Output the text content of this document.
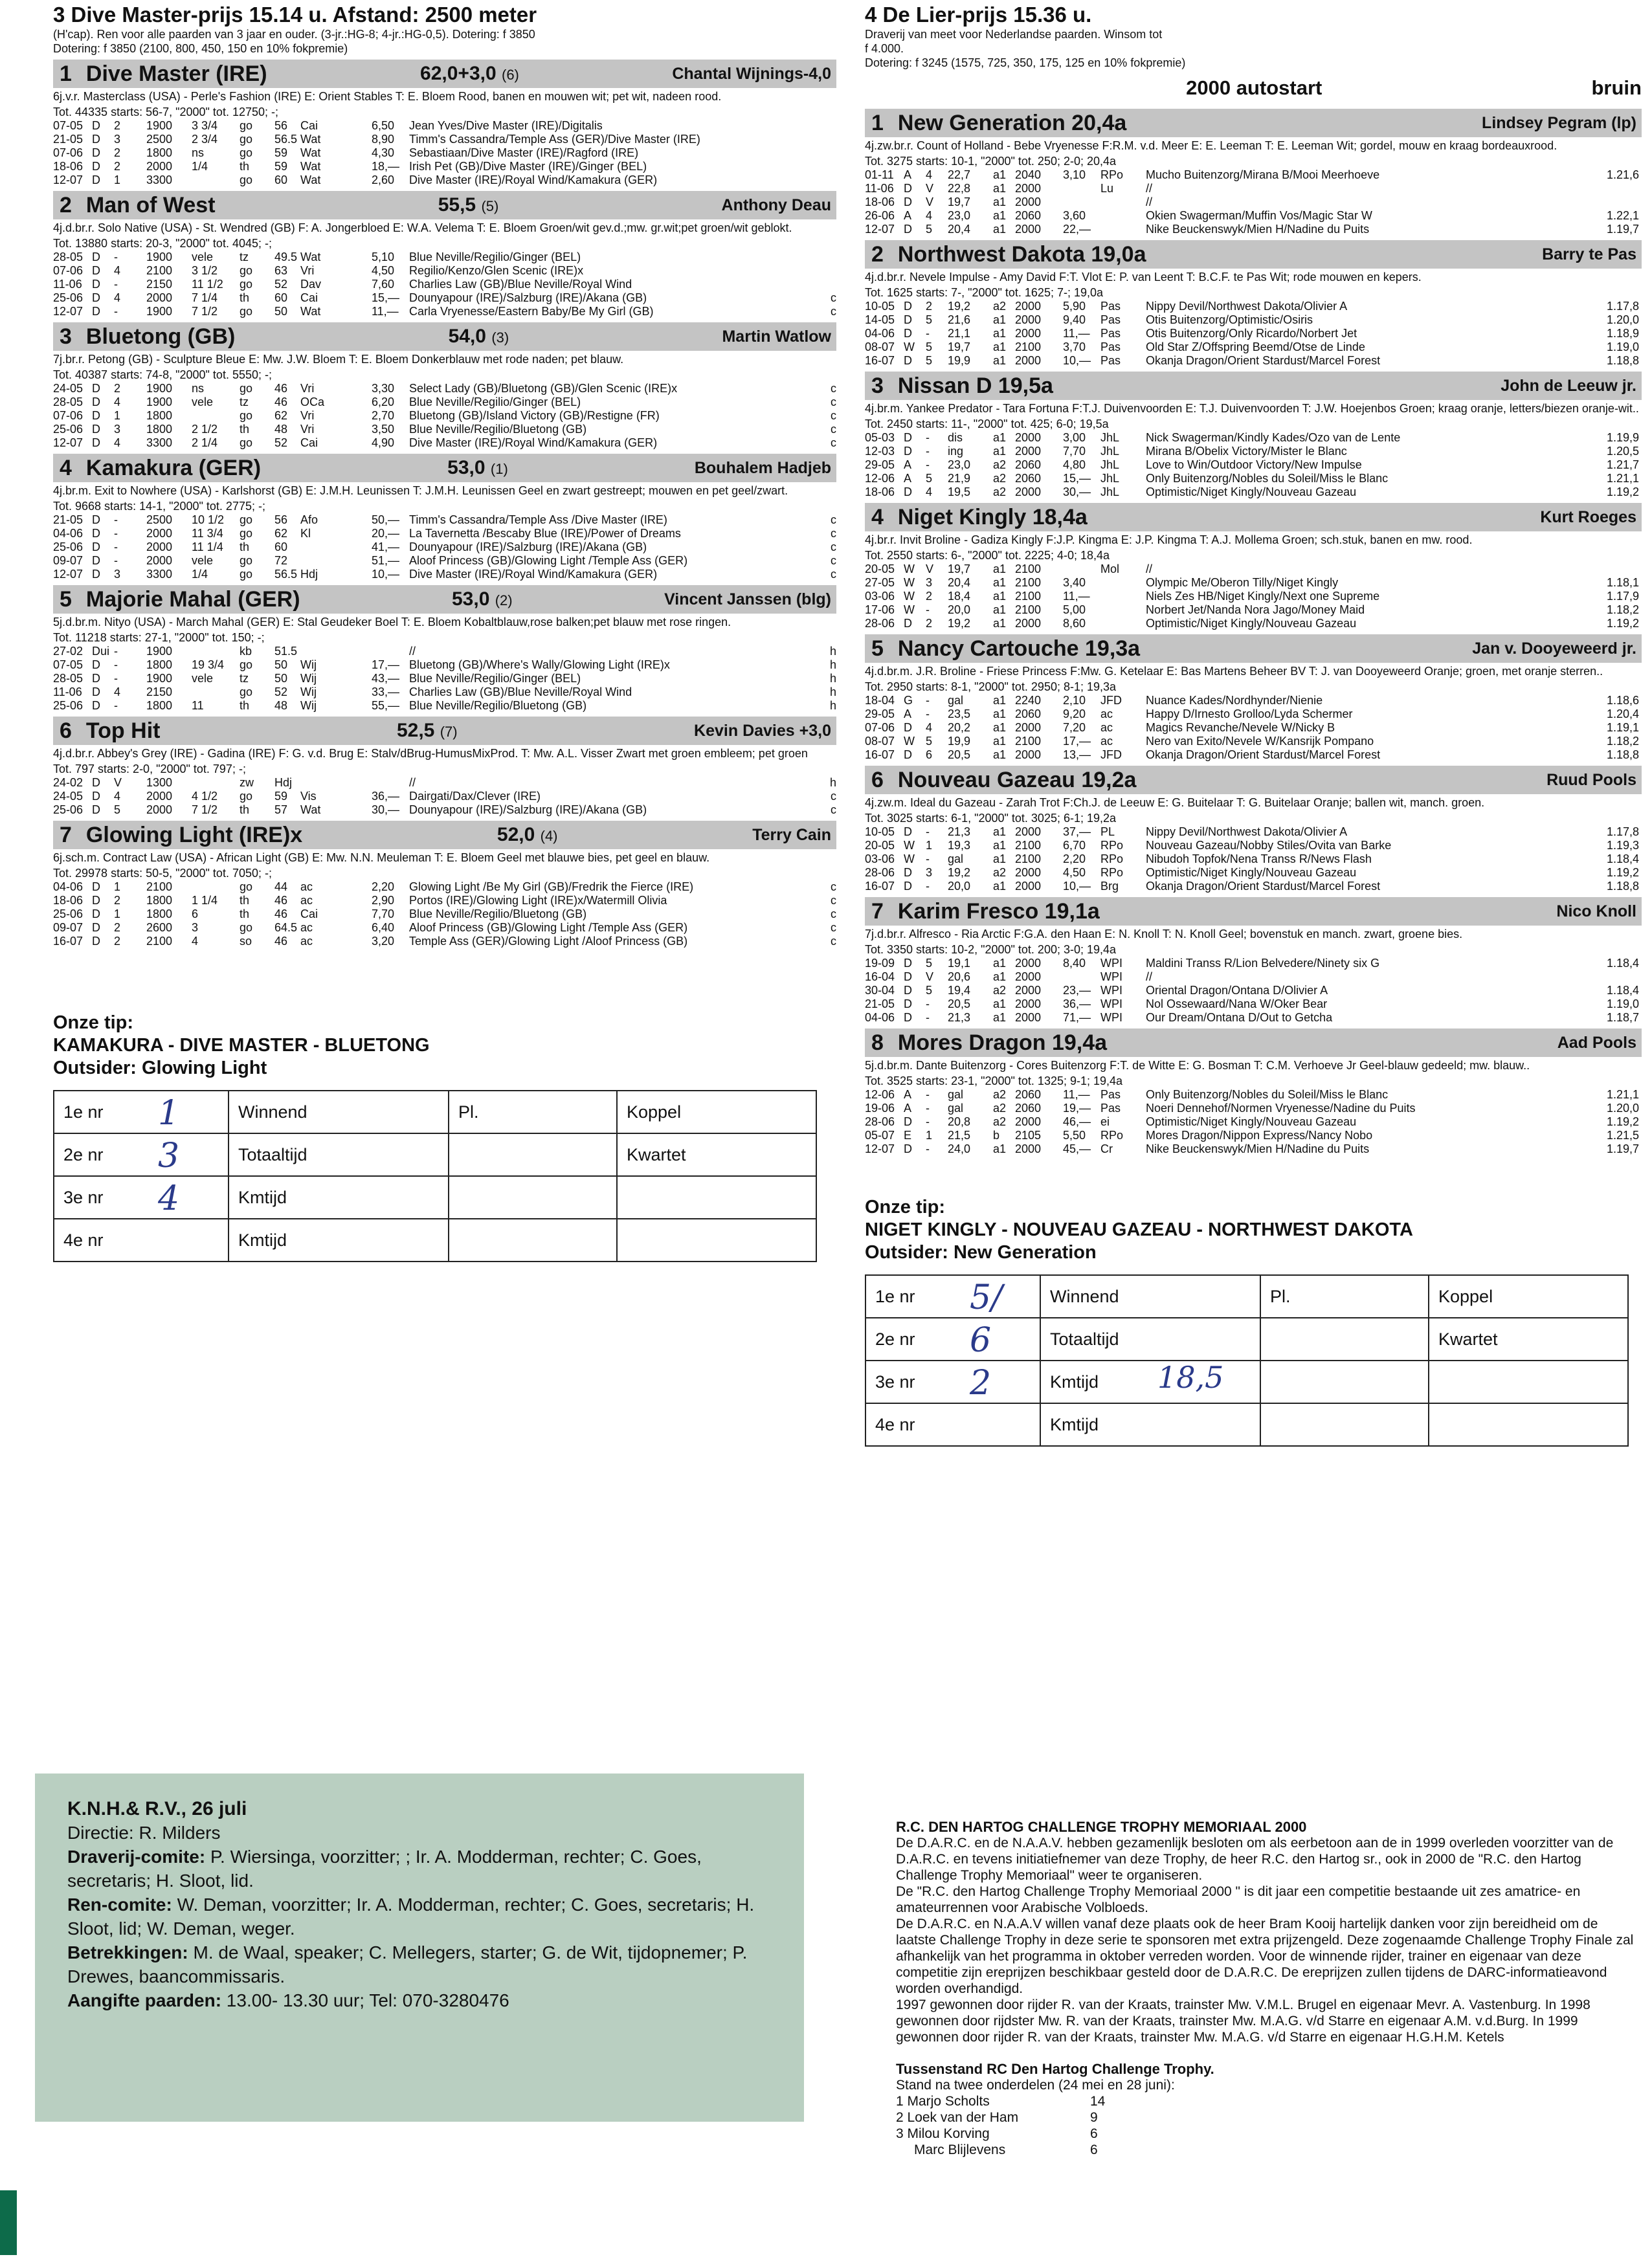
3 Dive Master-prijs 15.14 u. Afstand: 2500 meter
(H'cap). Ren voor alle paarden van 3 jaar en ouder. (3-jr.:HG-8; 4-jr.:HG-0,5). Dotering: f 3850
Dotering: f 3850 (2100, 800, 450, 150 en 10% fokpremie)
1 Dive Master (IRE)	62,0+3,0 (6)	Chantal Wijnings-4,0
6j.v.r. Masterclass (USA) - Perle's Fashion (IRE) E: Orient Stables T: E. Bloem Rood, banen en mouwen wit; pet wit, nadeen rood.
Tot. 44335 starts: 56-7, "2000" tot. 12750; -;
07-05	D	2	1900	3 3/4	go	56	Cai	6,50	Jean Yves/Dive Master (IRE)/Digitalis	
21-05	D	3	2500	2 3/4	go	56.5	Wat	8,90	Timm's Cassandra/Temple Ass (GER)/Dive Master (IRE)	
07-06	D	2	1800	ns	go	59	Wat	4,30	Sebastiaan/Dive Master (IRE)/Ragford (IRE)	
18-06	D	2	2000	1/4	th	59	Wat	18,—	Irish Pet (GB)/Dive Master (IRE)/Ginger (BEL)	
12-07	D	1	3300		go	60	Wat	2,60	Dive Master (IRE)/Royal Wind/Kamakura (GER)	
2 Man of West	55,5 (5)	Anthony Deau
4j.d.br.r. Solo Native (USA) - St. Wendred (GB) F: A. Jongerbloed E: W.A. Velema T: E. Bloem Groen/wit gev.d.;mw. gr.wit;pet groen/wit geblokt.
Tot. 13880 starts: 20-3, "2000" tot. 4045; -;
28-05	D	-	1900	vele	tz	49.5	Wat	5,10	Blue Neville/Regilio/Ginger (BEL)	
07-06	D	4	2100	3 1/2	go	63	Vri	4,50	Regilio/Kenzo/Glen Scenic (IRE)x	
11-06	D	-	2150	11 1/2	go	52	Dav	7,60	Charlies Law (GB)/Blue Neville/Royal Wind	
25-06	D	4	2000	7 1/4	th	60	Cai	15,—	Dounyapour (IRE)/Salzburg (IRE)/Akana (GB)	c
12-07	D	-	1900	7 1/2	go	50	Wat	11,—	Carla Vryenesse/Eastern Baby/Be My Girl (GB)	c
3 Bluetong (GB)	54,0 (3)	Martin Watlow
7j.br.r. Petong (GB) - Sculpture Bleue E: Mw. J.W. Bloem T: E. Bloem Donkerblauw met rode naden; pet blauw.
Tot. 40387 starts: 74-8, "2000" tot. 5550; -;
24-05	D	2	1900	ns	go	46	Vri	3,30	Select Lady (GB)/Bluetong (GB)/Glen Scenic (IRE)x	c
28-05	D	4	1900	vele	tz	46	OCa	6,20	Blue Neville/Regilio/Ginger (BEL)	c
07-06	D	1	1800		go	62	Vri	2,70	Bluetong (GB)/Island Victory (GB)/Restigne (FR)	c
25-06	D	3	1800	2 1/2	th	48	Vri	3,50	Blue Neville/Regilio/Bluetong (GB)	c
12-07	D	4	3300	2 1/4	go	52	Cai	4,90	Dive Master (IRE)/Royal Wind/Kamakura (GER)	c
4 Kamakura (GER)	53,0 (1)	Bouhalem Hadjeb
4j.br.m. Exit to Nowhere (USA) - Karlshorst (GB) E: J.M.H. Leunissen T: J.M.H. Leunissen Geel en zwart gestreept; mouwen en pet geel/zwart.
Tot. 9668 starts: 14-1, "2000" tot. 2775; -;
21-05	D	-	2500	10 1/2	go	56	Afo	50,—	Timm's Cassandra/Temple Ass /Dive Master (IRE)	c
04-06	D	-	2000	11 3/4	go	62	Kl	20,—	La Tavernetta /Bescaby Blue (IRE)/Power of Dreams	c
25-06	D	-	2000	11 1/4	th	60		41,—	Dounyapour (IRE)/Salzburg (IRE)/Akana (GB)	c
09-07	D	-	2000	vele	go	72		51,—	Aloof Princess (GB)/Glowing Light /Temple Ass (GER)	c
12-07	D	3	3300	1/4	go	56.5	Hdj	10,—	Dive Master (IRE)/Royal Wind/Kamakura (GER)	c
5 Majorie Mahal (GER)	53,0 (2)	Vincent Janssen (blg)
5j.d.br.m. Nityo (USA) - March Mahal (GER) E: Stal Geudeker Boel T: E. Bloem Kobaltblauw,rose balken;pet blauw met rose ringen.
Tot. 11218 starts: 27-1, "2000" tot. 150; -;
27-02	Dui	-	1900		kb	51.5			//	h
07-05	D	-	1800	19 3/4	go	50	Wij	17,—	Bluetong (GB)/Where's Wally/Glowing Light (IRE)x	h
28-05	D	-	1900	vele	tz	50	Wij	43,—	Blue Neville/Regilio/Ginger (BEL)	h
11-06	D	4	2150		go	52	Wij	33,—	Charlies Law (GB)/Blue Neville/Royal Wind	h
25-06	D	-	1800	11	th	48	Wij	55,—	Blue Neville/Regilio/Bluetong (GB)	h
6 Top Hit	52,5 (7)	Kevin Davies +3,0
4j.d.br.r. Abbey's Grey (IRE) - Gadina (IRE) F: G. v.d. Brug E: Stalv/dBrug-HumusMixProd. T: Mw. A.L. Visser Zwart met groen embleem; pet groen
Tot. 797 starts: 2-0, "2000" tot. 797; -;
24-02	D	V	1300		zw	Hdj			//	h
24-05	D	4	2000	4 1/2	go	59	Vis	36,—	Dairgati/Dax/Clever (IRE)	c
25-06	D	5	2000	7 1/2	th	57	Wat	30,—	Dounyapour (IRE)/Salzburg (IRE)/Akana (GB)	c
7 Glowing Light (IRE)x	52,0 (4)	Terry Cain
6j.sch.m. Contract Law (USA) - African Light (GB) E: Mw. N.N. Meuleman T: E. Bloem Geel met blauwe bies, pet geel en blauw.
Tot. 29978 starts: 50-5, "2000" tot. 7050; -;
04-06	D	1	2100		go	44	ac	2,20	Glowing Light /Be My Girl (GB)/Fredrik the Fierce (IRE)	c
18-06	D	2	1800	1 1/4	th	46	ac	2,90	Portos (IRE)/Glowing Light (IRE)x/Watermill Olivia	c
25-06	D	1	1800	6	th	46	Cai	7,70	Blue Neville/Regilio/Bluetong (GB)	c
09-07	D	2	2600	3	go	64.5	ac	6,40	Aloof Princess (GB)/Glowing Light /Temple Ass (GER)	c
16-07	D	2	2100	4	so	46	ac	3,20	Temple Ass (GER)/Glowing Light /Aloof Princess (GB)	c
Onze tip:
KAMAKURA - DIVE MASTER - BLUETONG
Outsider: Glowing Light
1e nr 1	Winnend	Pl.	Koppel
2e nr 3	Totaaltijd		Kwartet
3e nr 4	Kmtijd

4e nr	Kmtijd

4 De Lier-prijs 15.36 u.
Draverij van meet voor Nederlandse paarden. Winsom tot
f 4.000.
Dotering: f 3245 (1575, 725, 350, 175, 125 en 10% fokpremie)
2000 autostart	bruin
1 New Generation 20,4a	Lindsey Pegram (lp)
4j.zw.br.r. Count of Holland - Bebe Vryenesse F:R.M. v.d. Meer E: E. Leeman T: E. Leeman Wit; gordel, mouw en kraag bordeauxrood.
Tot. 3275 starts: 10-1, "2000" tot. 250; 2-0; 20,4a
01-11	A	4	22,7	a1	2040	3,10	RPo	Mucho Buitenzorg/Mirana B/Mooi Meerhoeve	1.21,6
11-06	D	V	22,8	a1	2000		Lu	//	
18-06	D	V	19,7	a1	2000			//	
26-06	A	4	23,0	a1	2060	3,60		Okien Swagerman/Muffin Vos/Magic Star W	1.22,1
12-07	D	5	20,4	a1	2000	22,—		Nike Beuckenswyk/Mien H/Nadine du Puits	1.19,7
2 Northwest Dakota 19,0a	Barry te Pas
4j.d.br.r. Nevele Impulse - Amy David F:T. Vlot E: P. van Leent T: B.C.F. te Pas Wit; rode mouwen en kepers.
Tot. 1625 starts: 7-, "2000" tot. 1625; 7-; 19,0a
10-05	D	2	19,2	a2	2000	5,90	Pas	Nippy Devil/Northwest Dakota/Olivier A	1.17,8
14-05	D	5	21,6	a1	2000	9,40	Pas	Otis Buitenzorg/Optimistic/Osiris	1.20,0
04-06	D	-	21,1	a1	2000	11,—	Pas	Otis Buitenzorg/Only Ricardo/Norbert Jet	1.18,9
08-07	W	5	19,7	a1	2100	3,70	Pas	Old Star Z/Offspring Beemd/Otse de Linde	1.19,0
16-07	D	5	19,9	a1	2000	10,—	Pas	Okanja Dragon/Orient Stardust/Marcel Forest	1.18,8
3 Nissan D 19,5a	John de Leeuw jr.
4j.br.m. Yankee Predator - Tara Fortuna F:T.J. Duivenvoorden E: T.J. Duivenvoorden T: J.W. Hoejenbos Groen; kraag oranje, letters/biezen oranje-wit..
Tot. 2450 starts: 11-, "2000" tot. 425; 6-0; 19,5a
05-03	D	-	dis	a1	2000	3,00	JhL	Nick Swagerman/Kindly Kades/Ozo van de Lente	1.19,9
12-03	D	-	ing	a1	2000	7,70	JhL	Mirana B/Obelix Victory/Mister le Blanc	1.20,5
29-05	A	-	23,0	a2	2060	4,80	JhL	Love to Win/Outdoor Victory/New Impulse	1.21,7
12-06	A	5	21,9	a2	2060	15,—	JhL	Only Buitenzorg/Nobles du Soleil/Miss le Blanc	1.21,1
18-06	D	4	19,5	a2	2000	30,—	JhL	Optimistic/Niget Kingly/Nouveau Gazeau	1.19,2
4 Niget Kingly 18,4a	Kurt Roeges
4j.br.r. Invit Broline - Gadiza Kingly F:J.P. Kingma E: J.P. Kingma T: A.J. Mollema Groen; sch.stuk, banen en mw. rood.
Tot. 2550 starts: 6-, "2000" tot. 2225; 4-0; 18,4a
20-05	W	V	19,7	a1	2100		Mol	//	
27-05	W	3	20,4	a1	2100	3,40		Olympic Me/Oberon Tilly/Niget Kingly	1.18,1
03-06	W	2	18,4	a1	2100	11,—		Niels Zes HB/Niget Kingly/Next one Supreme	1.17,9
17-06	W	-	20,0	a1	2100	5,00		Norbert Jet/Nanda Nora Jago/Money Maid	1.18,2
28-06	D	2	19,2	a1	2000	8,60		Optimistic/Niget Kingly/Nouveau Gazeau	1.19,2
5 Nancy Cartouche 19,3a	Jan v. Dooyeweerd jr.
4j.d.br.m. J.R. Broline - Friese Princess F:Mw. G. Ketelaar E: Bas Martens Beheer BV T: J. van Dooyeweerd Oranje; groen, met oranje sterren..
Tot. 2950 starts: 8-1, "2000" tot. 2950; 8-1; 19,3a
18-04	G	-	gal	a1	2240	2,10	JFD	Nuance Kades/Nordhynder/Nienie	1.18,6
29-05	A	-	23,5	a1	2060	9,20	ac	Happy D/Irnesto Grolloo/Lyda Schermer	1.20,4
07-06	D	4	20,2	a1	2000	7,20	ac	Magics Revanche/Nevele W/Nicky B	1.19,1
08-07	W	5	19,9	a1	2100	17,—	ac	Nero van Exito/Nevele W/Kansrijk Pompano	1.18,2
16-07	D	6	20,5	a1	2000	13,—	JFD	Okanja Dragon/Orient Stardust/Marcel Forest	1.18,8
6 Nouveau Gazeau 19,2a	Ruud Pools
4j.zw.m. Ideal du Gazeau - Zarah Trot F:Ch.J. de Leeuw E: G. Buitelaar T: G. Buitelaar Oranje; ballen wit, manch. groen.
Tot. 3025 starts: 6-1, "2000" tot. 3025; 6-1; 19,2a
10-05	D	-	21,3	a1	2000	37,—	PL	Nippy Devil/Northwest Dakota/Olivier A	1.17,8
20-05	W	1	19,3	a1	2100	6,70	RPo	Nouveau Gazeau/Nobby Stiles/Ovita van Barke	1.19,3
03-06	W	-	gal	a1	2100	2,20	RPo	Nibudoh Topfok/Nena Transs R/News Flash	1.18,4
28-06	D	3	19,2	a2	2000	4,50	RPo	Optimistic/Niget Kingly/Nouveau Gazeau	1.19,2
16-07	D	-	20,0	a1	2000	10,—	Brg	Okanja Dragon/Orient Stardust/Marcel Forest	1.18,8
7 Karim Fresco 19,1a	Nico Knoll
7j.d.br.r. Alfresco - Ria Arctic F:G.A. den Haan E: N. Knoll T: N. Knoll Geel; bovenstuk en manch. zwart, groene bies.
Tot. 3350 starts: 10-2, "2000" tot. 200; 3-0; 19,4a
19-09	D	5	19,1	a1	2000	8,40	WPI	Maldini Transs R/Lion Belvedere/Ninety six G	1.18,4
16-04	D	V	20,6	a1	2000		WPI	//	
30-04	D	5	19,4	a2	2000	23,—	WPI	Oriental Dragon/Ontana D/Olivier A	1.18,4
21-05	D	-	20,5	a1	2000	36,—	WPI	Nol Ossewaard/Nana W/Oker Bear	1.19,0
04-06	D	-	21,3	a1	2000	71,—	WPI	Our Dream/Ontana D/Out to Getcha	1.18,7
8 Mores Dragon 19,4a	Aad Pools
5j.d.br.m. Dante Buitenzorg - Cores Buitenzorg F:T. de Witte E: G. Bosman T: C.M. Verhoeve Jr Geel-blauw gedeeld; mw. blauw..
Tot. 3525 starts: 23-1, "2000" tot. 1325; 9-1; 19,4a
12-06	A	-	gal	a2	2060	11,—	Pas	Only Buitenzorg/Nobles du Soleil/Miss le Blanc	1.21,1
19-06	A	-	gal	a2	2060	19,—	Pas	Noeri Dennehof/Normen Vryenesse/Nadine du Puits	1.20,0
28-06	D	-	20,8	a2	2000	46,—	ei	Optimistic/Niget Kingly/Nouveau Gazeau	1.19,2
05-07	E	1	21,5	b	2105	5,50	RPo	Mores Dragon/Nippon Express/Nancy Nobo	1.21,5
12-07	D	-	24,0	a1	2000	45,—	Cr	Nike Beuckenswyk/Mien H/Nadine du Puits	1.19,7
Onze tip:
NIGET KINGLY - NOUVEAU GAZEAU - NORTHWEST DAKOTA
Outsider: New Generation
1e nr 5/	Winnend	Pl.	Koppel
2e nr 6	Totaaltijd		Kwartet
3e nr 2	Kmtijd 18,5		

4e nr	Kmtijd

K.N.H.& R.V., 26 juli
Directie: R. Milders
Draverij-comite: P. Wiersinga, voorzitter; ; Ir. A. Modderman, rechter; C. Goes, secretaris; H. Sloot, lid.
Ren-comite: W. Deman, voorzitter; Ir. A. Modderman, rechter; C. Goes, secretaris; H. Sloot, lid; W. Deman, weger.
Betrekkingen: M. de Waal, speaker; C. Mellegers, starter; G. de Wit, tijdopnemer; P. Drewes, baancommissaris.
Aangifte paarden: 13.00- 13.30 uur; Tel: 070-3280476
R.C. DEN HARTOG CHALLENGE TROPHY MEMORIAAL 2000
De D.A.R.C. en de N.A.A.V. hebben gezamenlijk besloten om als eerbetoon aan de in 1999 overleden voorzitter van de D.A.R.C. en tevens initiatiefnemer van deze Trophy, de heer R.C. den Hartog sr., ook in 2000 de "R.C. den Hartog Challenge Trophy Memoriaal" weer te organiseren.
De "R.C. den Hartog Challenge Trophy Memoriaal 2000 " is dit jaar een competitie bestaande uit zes amatrice- en amateurrennen voor Arabische Volbloeds.
De D.A.R.C. en N.A.A.V willen vanaf deze plaats ook de heer Bram Kooij hartelijk danken voor zijn bereidheid om de laatste Challenge Trophy in deze serie te sponsoren met extra prijzengeld. Deze zogenaamde Challenge Trophy Finale zal afhankelijk van het programma in oktober verreden worden. Voor de winnende rijder, trainer en eigenaar van deze competitie zijn ereprijzen beschikbaar gesteld door de D.A.R.C. De ereprijzen zullen tijdens de DARC-informatieavond worden overhandigd.
1997 gewonnen door rijder R. van der Kraats, trainster Mw. V.M.L. Brugel en eigenaar Mevr. A. Vastenburg. In 1998 gewonnen door rijdster Mw. R. van der Kraats, trainster Mw. M.A.G. v/d Starre en eigenaar A.M. v.d.Burg. In 1999 gewonnen door rijder R. van der Kraats, trainster Mw. M.A.G. v/d Starre en eigenaar H.G.H.M. Ketels
Tussenstand RC Den Hartog Challenge Trophy.
Stand na twee onderdelen (24 mei en 28 juni):
1 Marjo Scholts	14
2 Loek van der Ham	9
3 Milou Korving	6
Marc Blijlevens	6
